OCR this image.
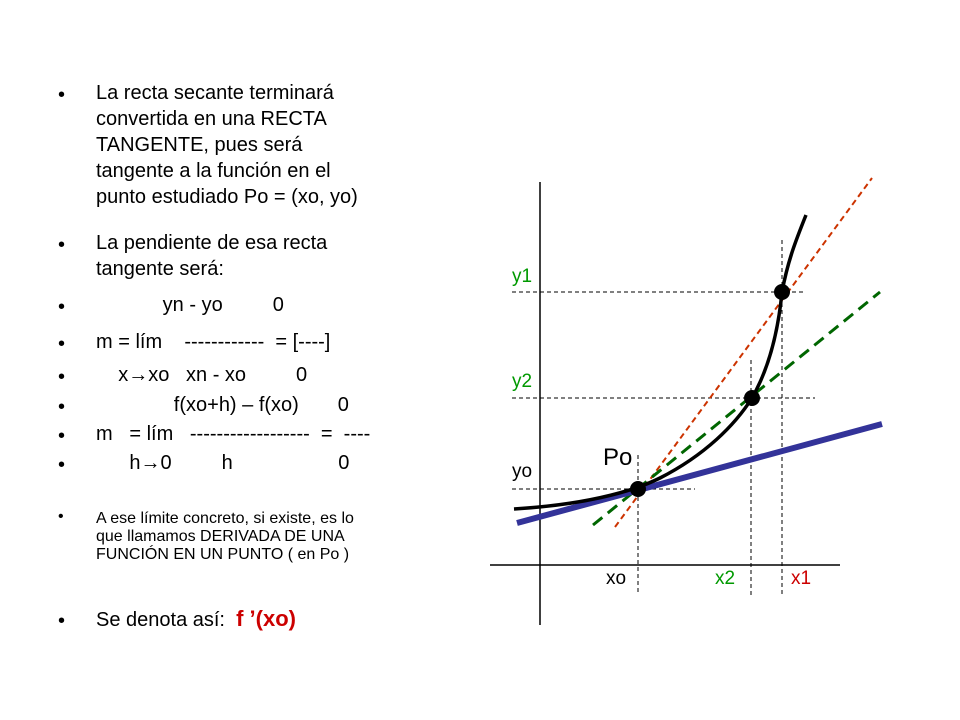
• La recta secante terminará
convertida en una RECTA
TANGENTE, pues será
tangente a la función en el
punto estudiado Po = (xo, yo)
• La pendiente de esa recta
tangente será:
• yn - yo         0
• m = lím    ------------  = [----]
• x→xo   xn - xo         0
• f(xo+h) – f(xo)       0
• m   = lím   ------------------  =  ----
• h→0         h                   0
• A ese límite concreto, si existe, es lo
que llamamos DERIVADA DE UNA
FUNCIÓN EN UN PUNTO ( en Po )
• Se denota así: f ’(xo)
y1
y2
yo
Po
xo	x2	x1
